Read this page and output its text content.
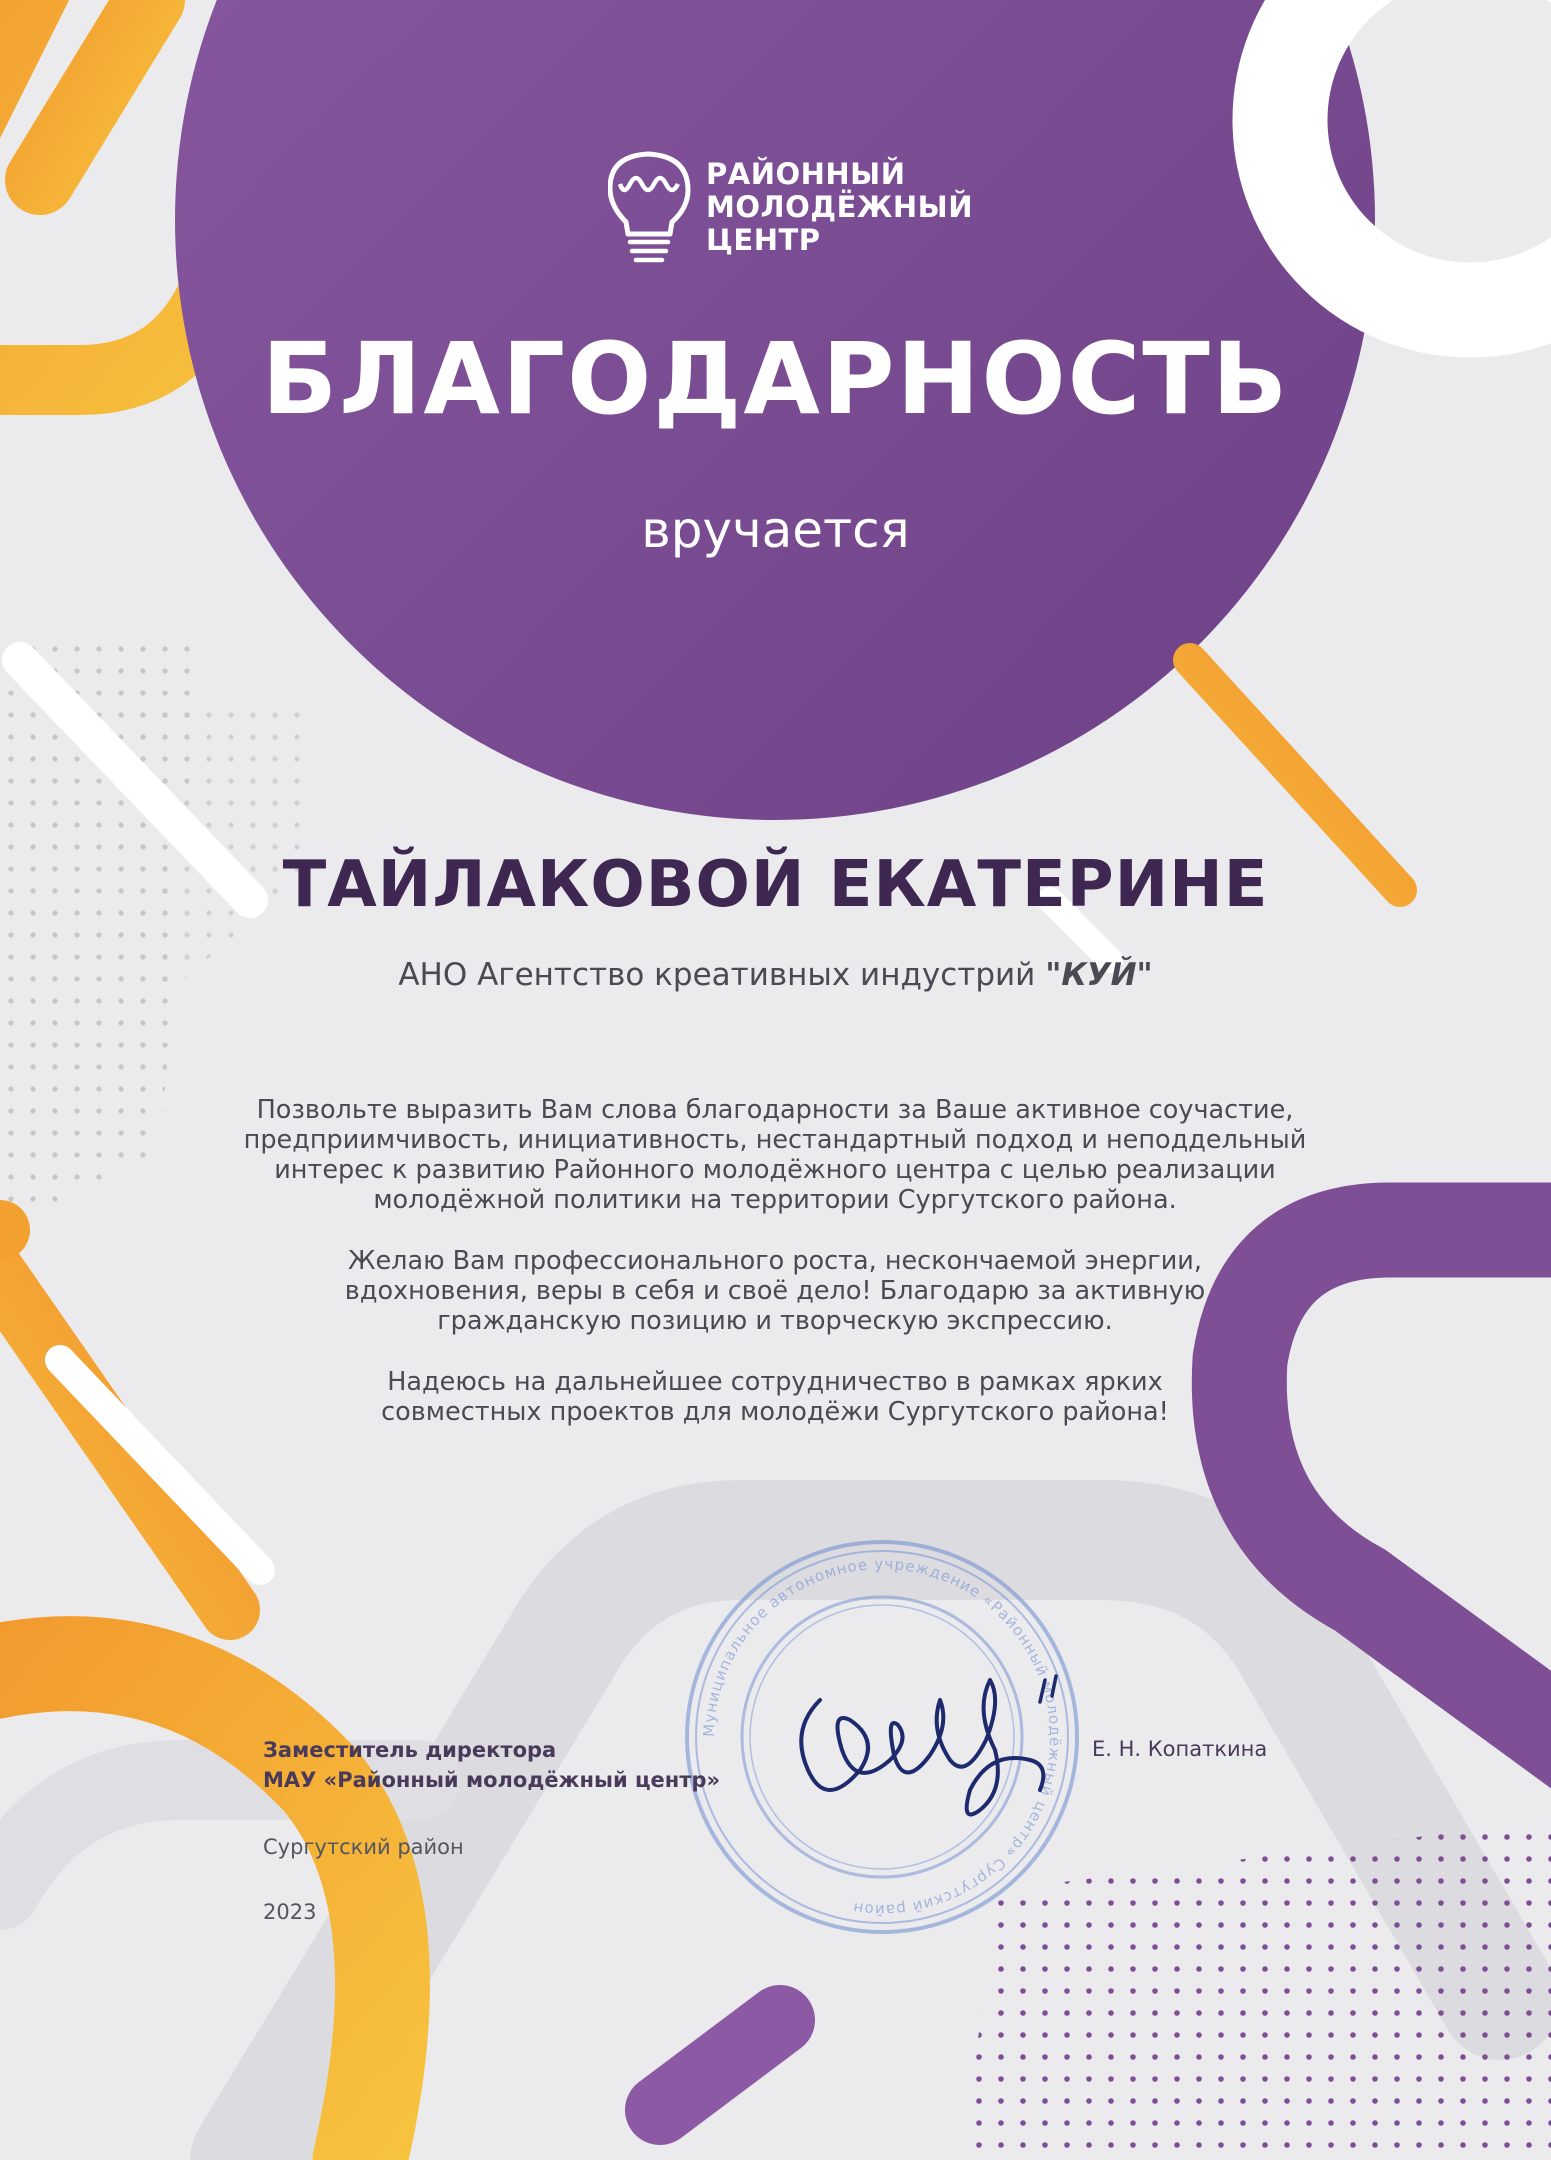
РАЙОННЫЙ
МОЛОДЁЖНЫЙ
ЦЕНТР
БЛАГОДАРНОСТЬ
вручается
ТАЙЛАКОВОЙ ЕКАТЕРИНЕ
АНО Агентство креативных индустрий "КУЙ"

Позвольте выразить Вам слова благодарности за Ваше активное соучастие,
предприимчивость, инициативность, нестандартный подход и неподдельный
интерес к развитию Районного молодёжного центра с целью реализации
молодёжной политики на территории Сургутского района.

Желаю Вам профессионального роста, нескончаемой энергии,
вдохновения, веры в себя и своё дело! Благодарю за активную
гражданскую позицию и творческую экспрессию.

Надеюсь на дальнейшее сотрудничество в рамках ярких
совместных проектов для молодёжи Сургутского района!

Муниципальное автономное учреждение «Районный молодёжный центр» Сургутский район
Заместитель директора
МАУ «Районный молодёжный центр»
Е. Н. Копаткина
Сургутский район
2023
